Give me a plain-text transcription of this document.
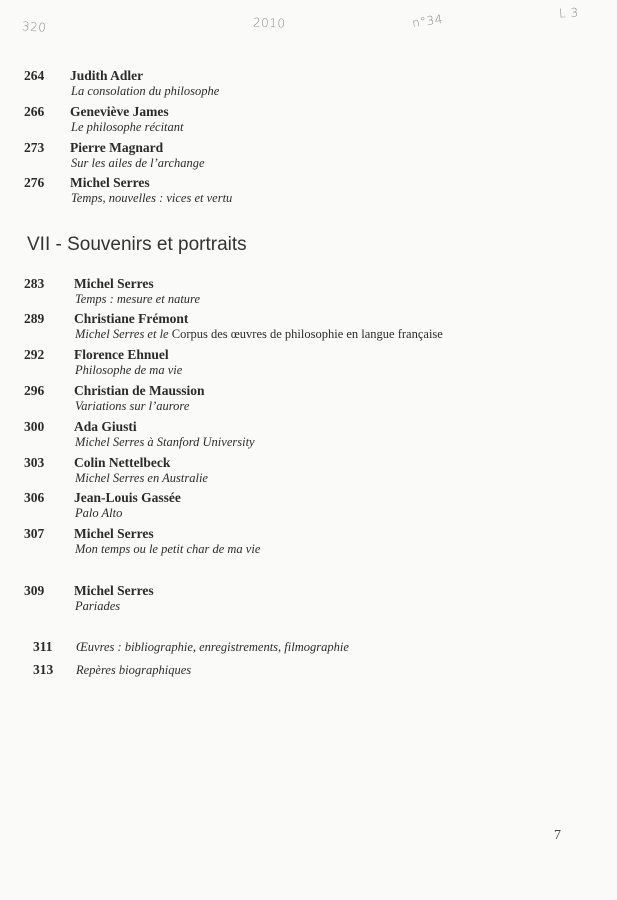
320	2010	n°34	L 3
264	Judith Adler
La consolation du philosophe
266	Geneviève James
Le philosophe récitant
273	Pierre Magnard
Sur les ailes de l’archange
276	Michel Serres
Temps, nouvelles : vices et vertu
VII - Souvenirs et portraits
283	Michel Serres
Temps : mesure et nature
289	Christiane Frémont
Michel Serres et le Corpus des œuvres de philosophie en langue française
292	Florence Ehnuel
Philosophe de ma vie
296	Christian de Maussion
Variations sur l’aurore
300	Ada Giusti
Michel Serres à Stanford University
303	Colin Nettelbeck
Michel Serres en Australie
306	Jean-Louis Gassée
Palo Alto
307	Michel Serres
Mon temps ou le petit char de ma vie
309	Michel Serres
Pariades
311 Œuvres : bibliographie, enregistrements, filmographie
313 Repères biographiques
7
